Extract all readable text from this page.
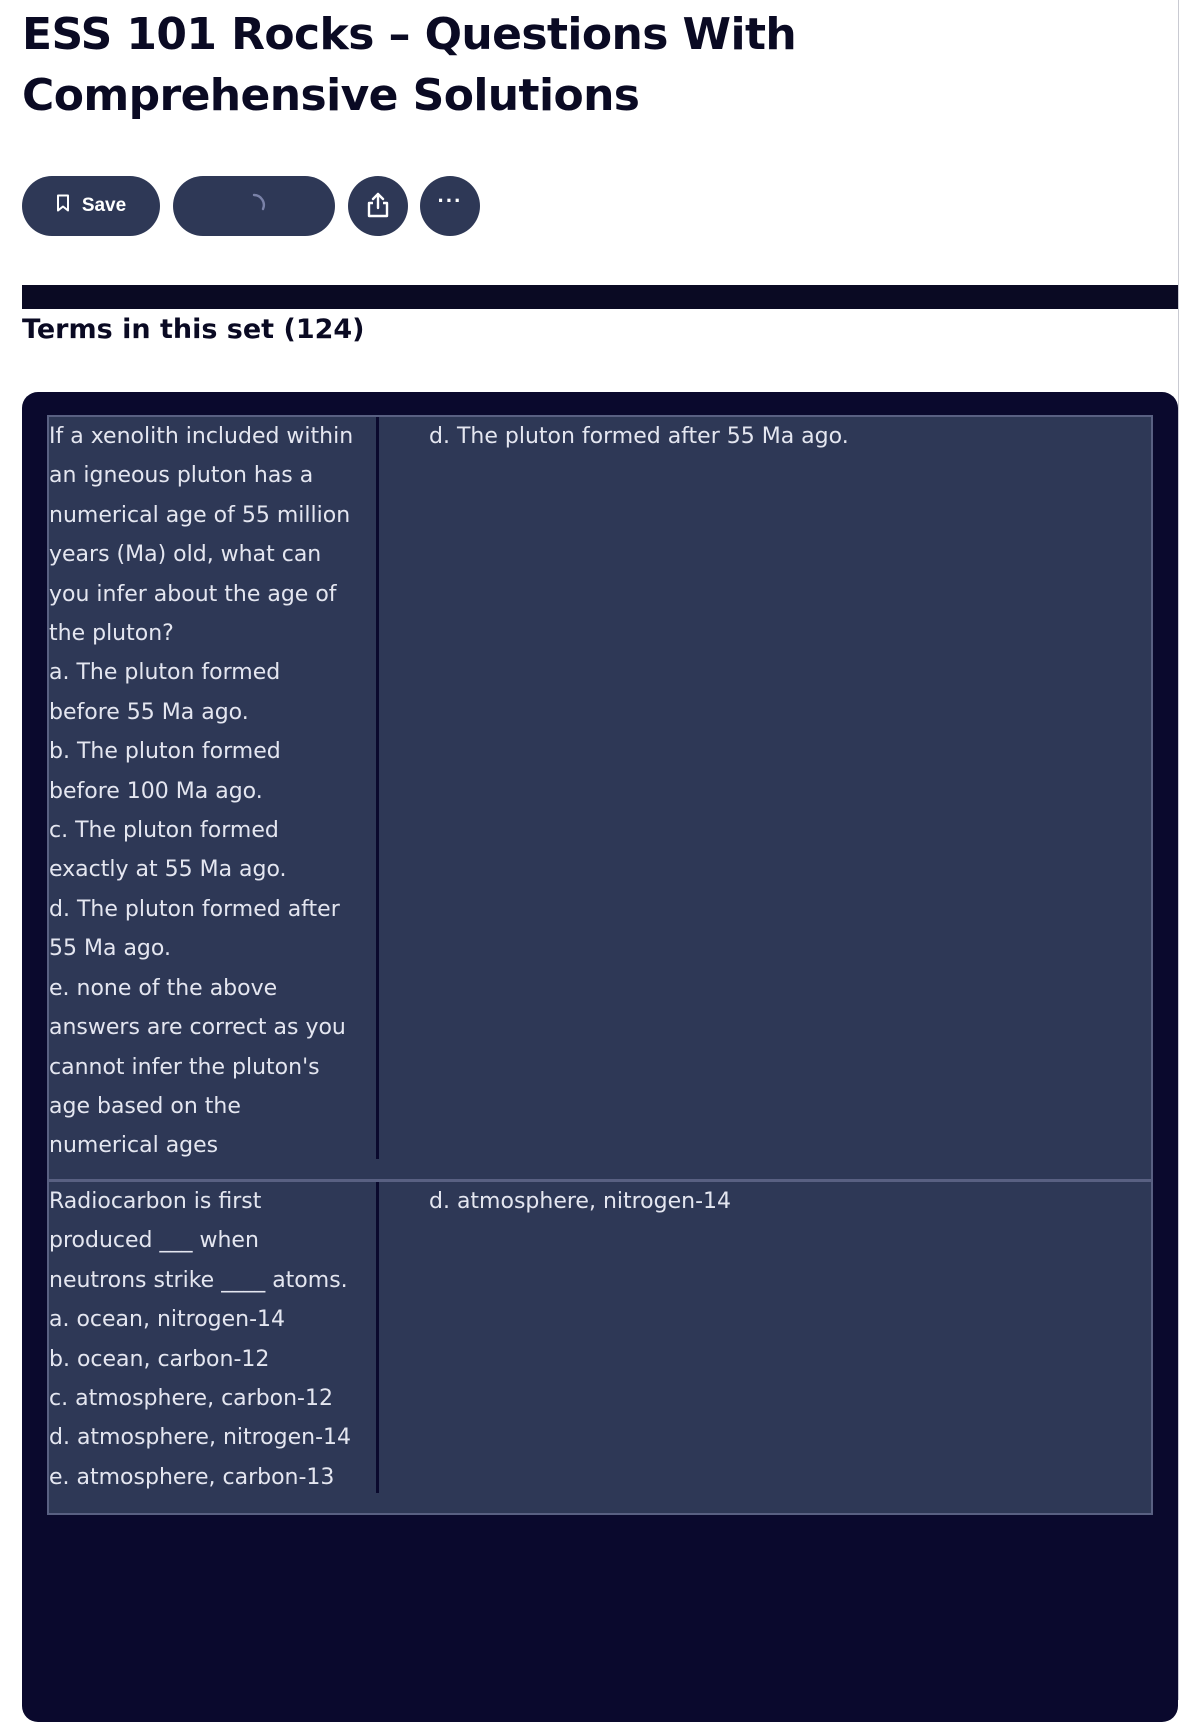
ESS 101 Rocks – Questions With Comprehensive Solutions
Save	···
Terms in this set (124)

If a xenolith included within

an igneous pluton has a

numerical age of 55 million

years (Ma) old, what can

you infer about the age of

the pluton?

a. The pluton formed

before 55 Ma ago.

b. The pluton formed

before 100 Ma ago.

c. The pluton formed

exactly at 55 Ma ago.

d. The pluton formed after

55 Ma ago.

e. none of the above

answers are correct as you

cannot infer the pluton's

age based on the

numerical ages

d. The pluton formed after 55 Ma ago.

Radiocarbon is first

produced ___ when

neutrons strike ____ atoms.

a. ocean, nitrogen-14

b. ocean, carbon-12

c. atmosphere, carbon-12

d. atmosphere, nitrogen-14

e. atmosphere, carbon-13

d. atmosphere, nitrogen-14
